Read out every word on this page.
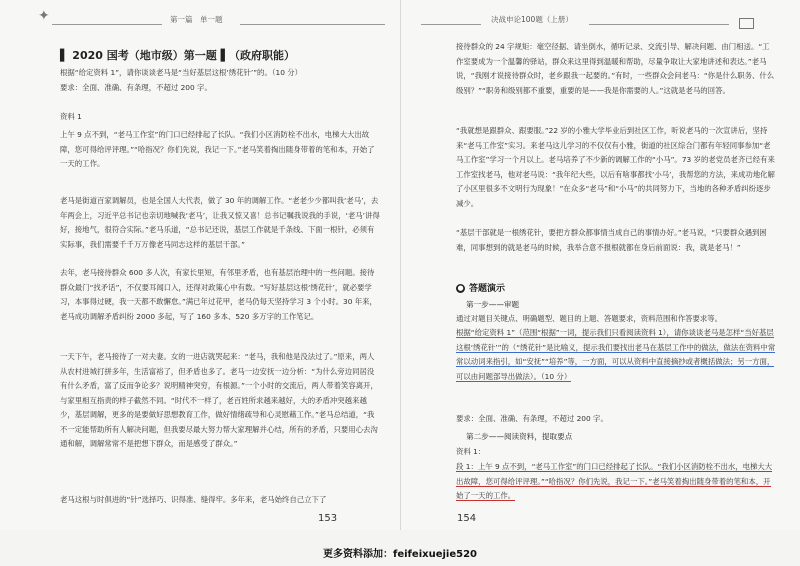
✦	第一篇　单一题
▌ 2020 国考（地市级）第一题 ▌（政府职能）
根据“给定资料 1”，请你谈谈老马是“当好基层这根‘绣花针’”的。（10 分）
要求：全面、准确、有条理，不超过 200 字。
资料 1
上午 9 点不到，“老马工作室”的门口已经排起了长队。“我们小区消防栓不出水，电梯大大出故障，您可得给评评理。”“哈指况？你们先说，我记一下。”老马笑着掏出随身带着的笔和本，开始了一天的工作。
老马是街道百家调解员，也是全国人大代表，做了 30 年的调解工作。“老老少少都叫我‘老马’，去年两会上，习近平总书记也亲切地喊我‘老马’，让我又惊又喜！总书记嘱我说我的手说，‘老马’讲得好，接地气，很符合实际。”老马乐道，“总书记还说，基层工作就是千条线、下面一根针，必须有实际事，我们需要千千万万像老马同志这样的基层干部。”
去年，老马接待群众 600 多人次，有家长里短，有邻里矛盾，也有基层治理中的一些问题。接待群众最门“找矛话”，不仅要耳闻口入，还得对政策心中有数。“写好基层这根‘绣花针’，就必要学习，本事得过硬，我一天都不敢懈怠。”满已年过花甲，老马仍每天坚持学习 3 个小时。30 年来，老马成功调解矛盾纠纷 2000 多起，写了 160 多本、520 多万字的工作笔记。
一天下午，老马接待了一对夫妻。女的一进店就哭起来：“老马，我和他是没法过了。”原来，两人从农村进城打拼多年，生活富裕了，但矛盾也多了。老马一边安抚一边分析：“为什么旁边同居没有什么矛盾，富了反而争论多？说明精神突穷，有根源。”一个小时的交流后，两人带着笑容离开，与家里相互指责的样子截然不同。“时代不一样了，老百姓所求越来越好，大的矛盾冲突越来越少，基层调解，更多的是要做好思想教育工作，做好情绪疏导和心灵慰藉工作。”老马总结道，“我不一定能帮助所有人解决问题，但我要尽最大努力帮大家理解并心结，所有的矛盾，只要用心去沟通和解，调解常常不是把想下群众，而是感受了群众。”
老马这根与时俱进的“针”选择巧、识得准、缝得牢。多年来，老马始终自己立下了
153
决战申论100题（上册）
接待群众的 24 字规矩：毫空径据、请坐倒水，循听记录、交流引导、解决问题、由门相送。“工作室要成为一个温馨的驿站，群众来这里得到温暖和帮助，尽量争取让大家地讲述和表达。”老马说，“我刚才说接待群众时，老乡跟我一起要的。”有时，一些群众会问老马：“你是什么职务、什么级别？”“职务和级别都不重要，重要的是——我是你需要的人。”这就是老马的回答。
“我就想是跟群众、跟要服。”22 岁的小雅大学毕业后到社区工作，听说老马的一次宣讲后，坚持来“老马工作室”实习。来老马这儿学习的不仅仅有小雅，街道的社区综合门都有年轻同事参加“老马工作室”学习一个月以上。老马培养了不少新的调解工作的“小马”。73 岁的老党员老齐已经有来工作室找老马，他对老马说：“我年纪大些，以后有啥事都找‘小马’，我帮您的方法，来成功地化解了小区里很多不文明行为现象！”在众多“老马”和“小马”的共同努力下，当地的各种矛盾纠纷逐步减少。
“基层干部就是一根绣花针，要把方群众都事情当成自己的事情办好。”老马说，“只要群众遇到困难，同事想到的就是老马的时候，我举合意不报根就都在身后前面说：我，就是老马！”
● 答题演示
第一步——审题
通过对题目关键点、明确题型、题目的上题、答题要求，资料范围和作答要求等。
根据“给定资料 1”（范围“根据”一词，提示我们只看阅读资料 1），请你谈谈老马是怎样“当好基层这根‘绣花针’”的（“绣花针”是比喻义，提示我们要找出老马在基层工作中的做法，做法在资料中常常以动词来指引，如“安抚”“培养”等，一方面，可以从资料中直接摘抄或者概括做法；另一方面，可以由问题部导出做法）。（10 分）
要求：全面、准确、有条理，不超过 200 字。
第二步——阅读资料，提取要点
资料 1：
段 1：上午 9 点不到，“老马工作室”的门口已经排起了长队。“我们小区消防栓不出水，电梯大大出故障，您可得给评评理。”“哈指况？你们先说，我记一下。”老马笑着掏出随身带着的笔和本，开始了一天的工作。
154
更多资料添加：feifeixuejie520
